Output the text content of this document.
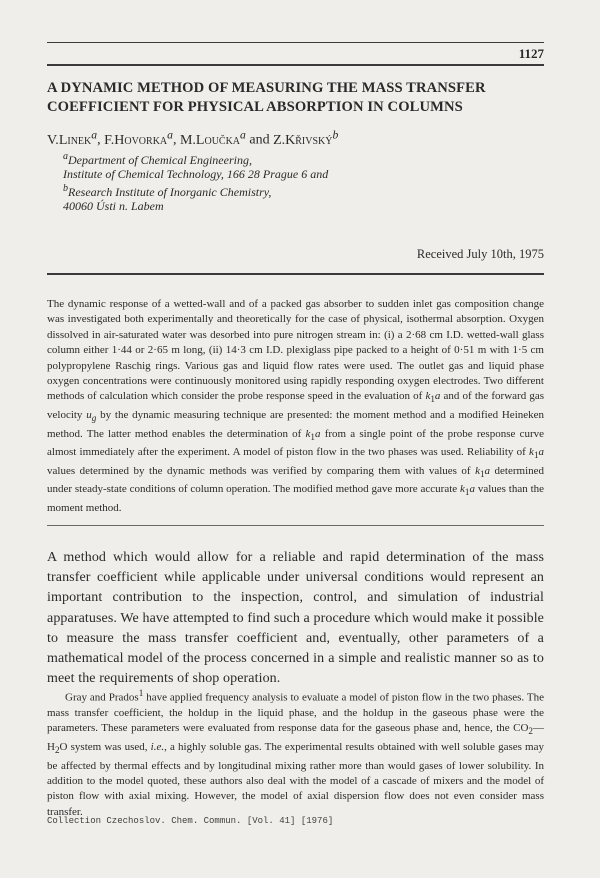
1127
A DYNAMIC METHOD OF MEASURING THE MASS TRANSFER COEFFICIENT FOR PHYSICAL ABSORPTION IN COLUMNS
V.Linek$^a$, F.Hovorka$^a$, M.Loučka$^a$ and Z.Křivský$^b$
$^a$Department of Chemical Engineering,
Institute of Chemical Technology, 166 28 Prague 6 and
$^b$Research Institute of Inorganic Chemistry,
40060 Ústi n. Labem
Received July 10th, 1975
The dynamic response of a wetted-wall and of a packed gas absorber to sudden inlet gas composition change was investigated both experimentally and theoretically for the case of physical, isothermal absorption. Oxygen dissolved in air-saturated water was desorbed into pure nitrogen stream in: (i) a 2·68 cm I.D. wetted-wall glass column either 1·44 or 2·65 m long, (ii) 14·3 cm I.D. plexiglass pipe packed to a height of 0·51 m with 1·5 cm polypropylene Raschig rings. Various gas and liquid flow rates were used. The outlet gas and liquid phase oxygen concentrations were continuously monitored using rapidly responding oxygen electrodes. Two different methods of calculation which consider the probe response speed in the evaluation of $k_1a$ and of the forward gas velocity $u_g$ by the dynamic measuring technique are presented: the moment method and a modified Heineken method. The latter method enables the determination of $k_1a$ from a single point of the probe response curve almost immediately after the experiment. A model of piston flow in the two phases was used. Reliability of $k_1a$ values determined by the dynamic methods was verified by comparing them with values of $k_1a$ determined under steady-state conditions of column operation. The modified method gave more accurate $k_1a$ values than the moment method.
A method which would allow for a reliable and rapid determination of the mass transfer coefficient while applicable under universal conditions would represent an important contribution to the inspection, control, and simulation of industrial apparatuses. We have attempted to find such a procedure which would make it possible to measure the mass transfer coefficient and, eventually, other parameters of a mathematical model of the process concerned in a simple and realistic manner so as to meet the requirements of shop operation.
Gray and Prados$^1$ have applied frequency analysis to evaluate a model of piston flow in the two phases. The mass transfer coefficient, the holdup in the liquid phase, and the holdup in the gaseous phase were the parameters. These parameters were evaluated from response data for the gaseous phase and, hence, the $CO_2—H_2O$ system was used, i.e., a highly soluble gas. The experimental results obtained with well soluble gases may be affected by thermal effects and by longitudinal mixing rather more than would gases of lower solubility. In addition to the model quoted, these authors also deal with the model of a cascade of mixers and the model of piston flow with axial mixing. However, the model of axial dispersion flow does not even consider mass transfer.
Collection Czechoslov. Chem. Commun. [Vol. 41] [1976]
